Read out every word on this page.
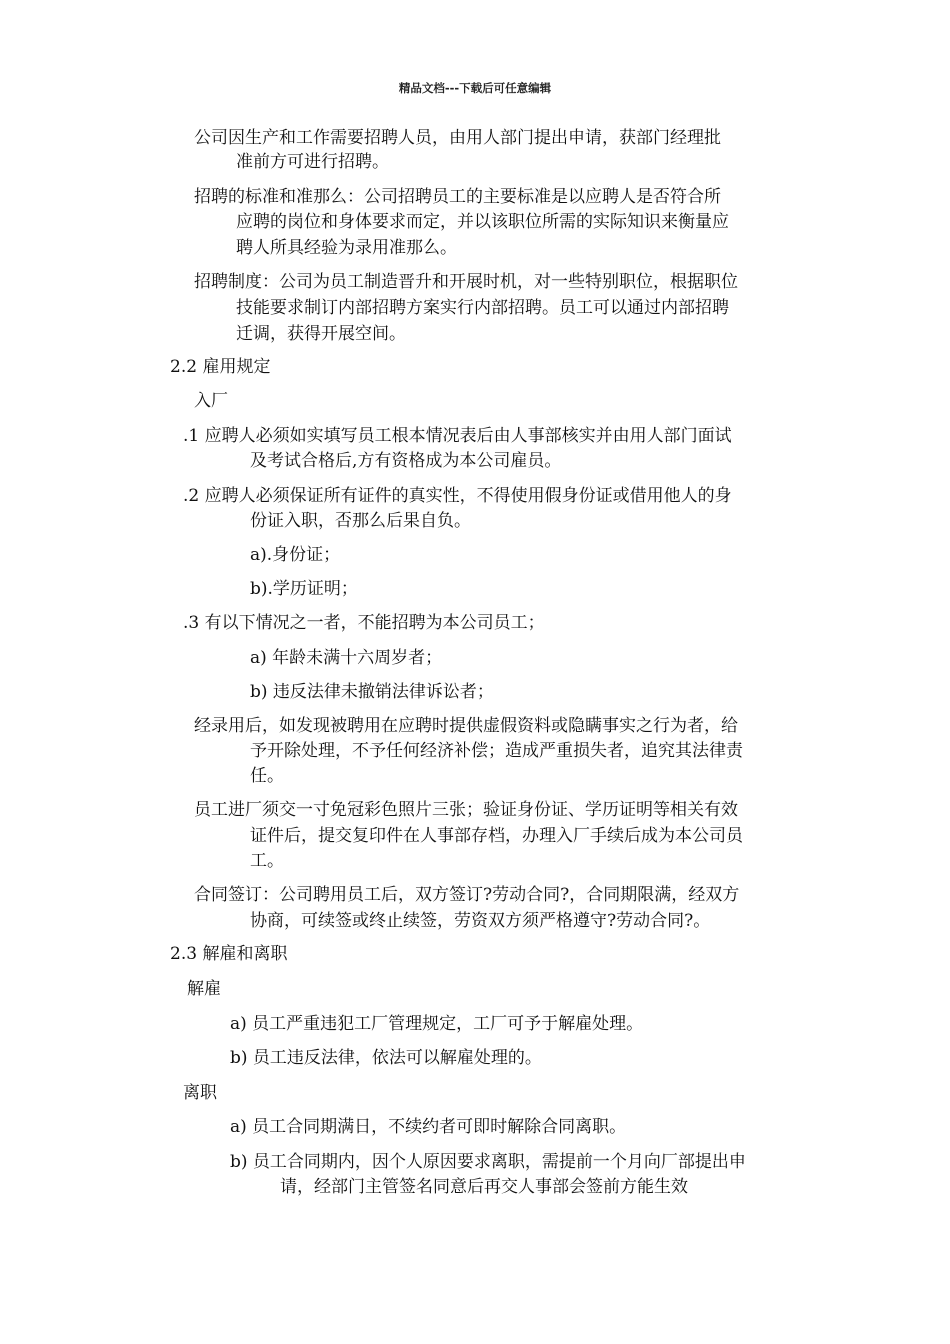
精品文档---下载后可任意编辑
公司因生产和工作需要招聘人员，由用人部门提出申请，获部门经理批
准前方可进行招聘。
招聘的标准和准那么：公司招聘员工的主要标准是以应聘人是否符合所
应聘的岗位和身体要求而定，并以该职位所需的实际知识来衡量应
聘人所具经验为录用准那么。
招聘制度：公司为员工制造晋升和开展时机，对一些特别职位，根据职位
技能要求制订内部招聘方案实行内部招聘。员工可以通过内部招聘
迁调，获得开展空间。
2.2 雇用规定
入厂
.1 应聘人必须如实填写员工根本情况表后由人事部核实并由用人部门面试
及考试合格后,方有资格成为本公司雇员。
.2 应聘人必须保证所有证件的真实性，不得使用假身份证或借用他人的身
份证入职，否那么后果自负。
a).身份证；
b).学历证明；
.3 有以下情况之一者，不能招聘为本公司员工；
a) 年龄未满十六周岁者；
b) 违反法律未撤销法律诉讼者；
经录用后，如发现被聘用在应聘时提供虚假资料或隐瞒事实之行为者，给
予开除处理，不予任何经济补偿；造成严重损失者，追究其法律责
任。
员工进厂须交一寸免冠彩色照片三张；验证身份证、学历证明等相关有效
证件后，提交复印件在人事部存档，办理入厂手续后成为本公司员
工。
合同签订：公司聘用员工后，双方签订?劳动合同?，合同期限满，经双方
协商，可续签或终止续签，劳资双方须严格遵守?劳动合同?。
2.3 解雇和离职
解雇
a) 员工严重违犯工厂管理规定，工厂可予于解雇处理。
b) 员工违反法律，依法可以解雇处理的。
离职
a) 员工合同期满日，不续约者可即时解除合同离职。
b) 员工合同期内，因个人原因要求离职，需提前一个月向厂部提出申
请，经部门主管签名同意后再交人事部会签前方能生效
